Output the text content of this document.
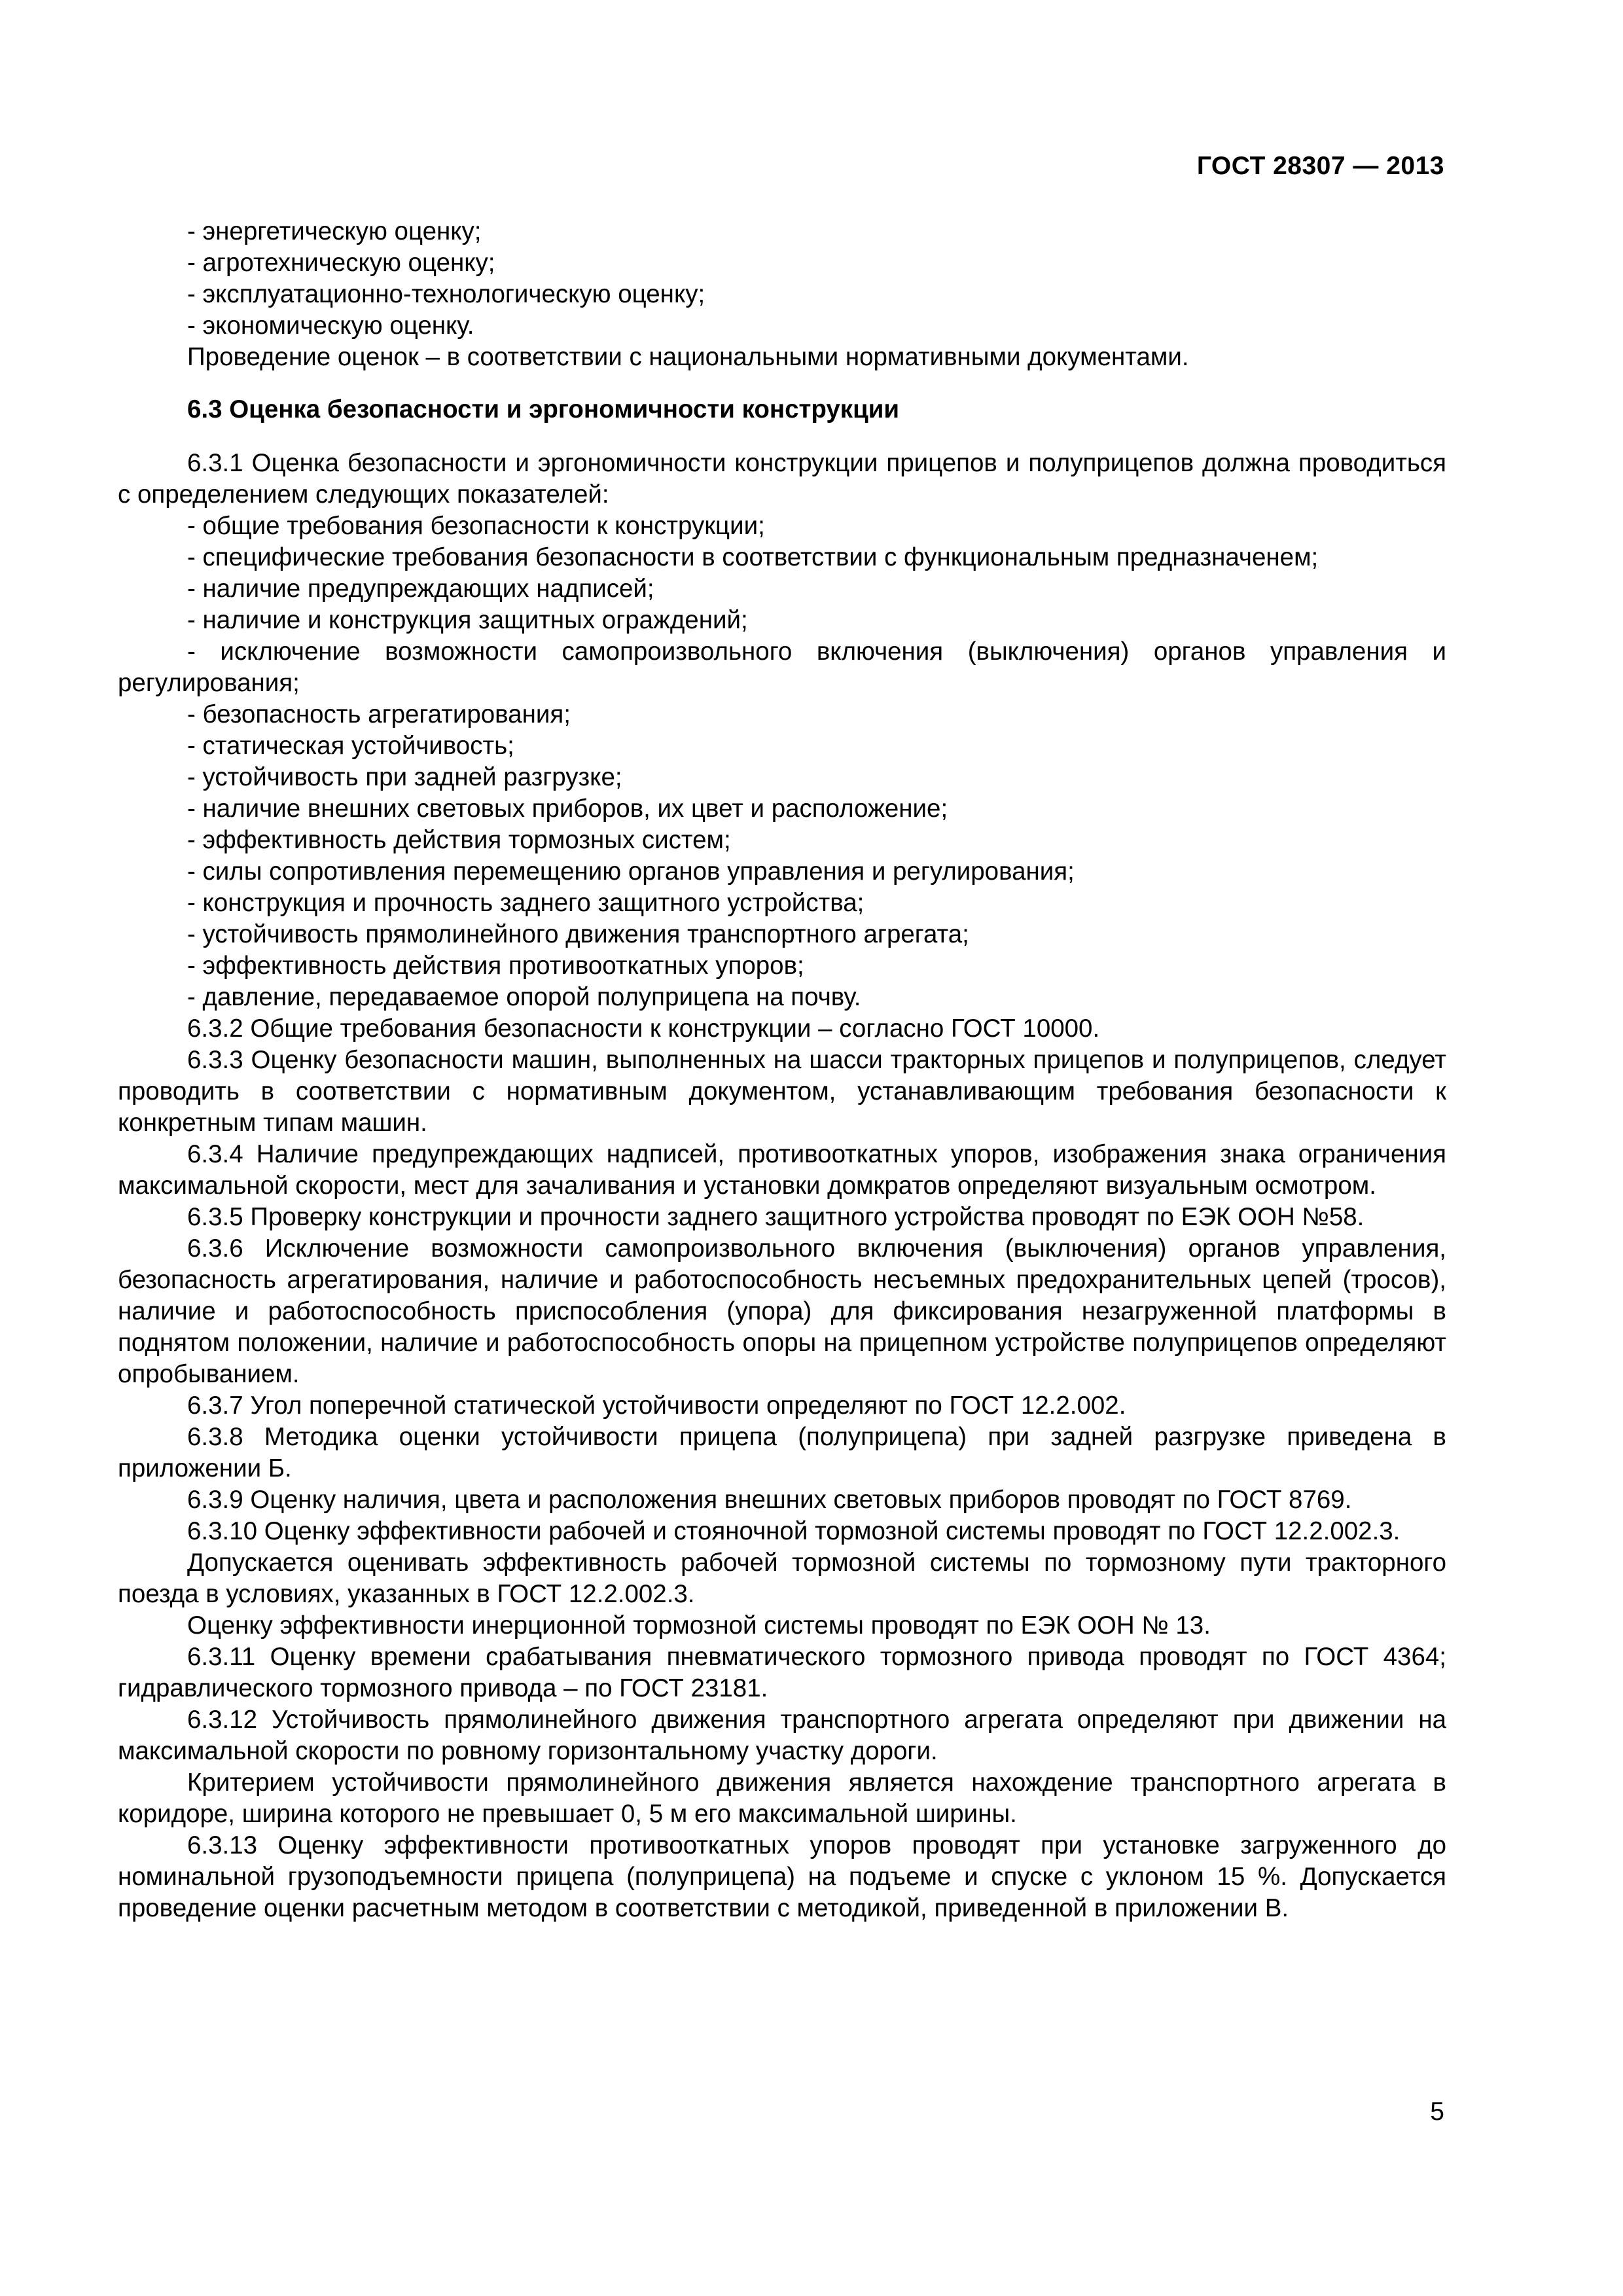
ГОСТ 28307 — 2013

- энергетическую оценку;

- агротехническую оценку;

- эксплуатационно-технологическую оценку;

- экономическую оценку.

Проведение оценок – в соответствии с национальными нормативными документами.

6.3 Оценка безопасности и эргономичности конструкции

6.3.1 Оценка безопасности и эргономичности конструкции прицепов и полуприцепов должна проводиться с определением следующих показателей:

- общие требования безопасности к конструкции;

- специфические требования безопасности в соответствии с функциональным предназначенем;

- наличие предупреждающих надписей;

- наличие и конструкция защитных ограждений;

- исключение возможности самопроизвольного включения (выключения) органов управления и регулирования;

- безопасность агрегатирования;

- статическая устойчивость;

- устойчивость при задней разгрузке;

- наличие внешних световых приборов, их цвет и расположение;

- эффективность действия тормозных систем;

- силы сопротивления перемещению органов управления и регулирования;

- конструкция и прочность заднего защитного устройства;

- устойчивость прямолинейного движения транспортного агрегата;

- эффективность действия противооткатных упоров;

- давление, передаваемое опорой полуприцепа на почву.

6.3.2 Общие требования безопасности к конструкции – согласно ГОСТ 10000.

6.3.3 Оценку безопасности машин, выполненных на шасси тракторных прицепов и полуприцепов, следует проводить в соответствии с нормативным документом, устанавливающим требования безопасности к конкретным типам машин.

6.3.4 Наличие предупреждающих надписей, противооткатных упоров, изображения знака ограничения максимальной скорости, мест для зачаливания и установки домкратов определяют визуальным осмотром.

6.3.5 Проверку конструкции и прочности заднего защитного устройства проводят по ЕЭК ООН №58.

6.3.6 Исключение возможности самопроизвольного включения (выключения) органов управления, безопасность агрегатирования, наличие и работоспособность несъемных предохранительных цепей (тросов), наличие и работоспособность приспособления (упора) для фиксирования незагруженной платформы в поднятом положении, наличие и работоспособность опоры на прицепном устройстве полуприцепов определяют опробыванием.

6.3.7 Угол поперечной статической устойчивости определяют по ГОСТ 12.2.002.

6.3.8 Методика оценки устойчивости прицепа (полуприцепа) при задней разгрузке приведена в приложении Б.

6.3.9 Оценку наличия, цвета и расположения внешних световых приборов проводят по ГОСТ 8769.

6.3.10 Оценку эффективности рабочей и стояночной тормозной системы проводят по ГОСТ 12.2.002.3.

Допускается оценивать эффективность рабочей тормозной системы по тормозному пути тракторного поезда в условиях, указанных в ГОСТ 12.2.002.3.

Оценку эффективности инерционной тормозной системы проводят по ЕЭК ООН № 13.

6.3.11 Оценку времени срабатывания пневматического тормозного привода проводят по ГОСТ 4364; гидравлического тормозного привода – по ГОСТ 23181.

6.3.12 Устойчивость прямолинейного движения транспортного агрегата определяют при движении на максимальной скорости по ровному горизонтальному участку дороги.

Критерием устойчивости прямолинейного движения является нахождение транспортного агрегата в коридоре, ширина которого не превышает 0, 5 м его максимальной ширины.

6.3.13 Оценку эффективности противооткатных упоров проводят при установке загруженного до номинальной грузоподъемности прицепа (полуприцепа) на подъеме и спуске с уклоном 15 %. Допускается проведение оценки расчетным методом в соответствии с методикой, приведенной в приложении В.

5
